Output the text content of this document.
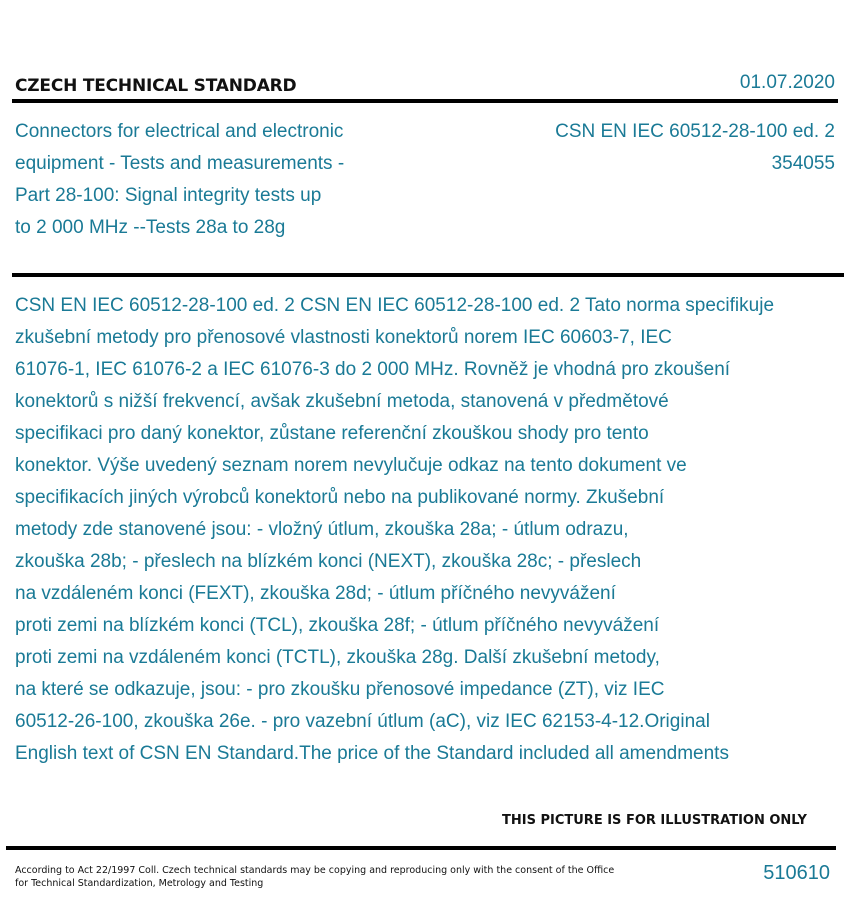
CZECH TECHNICAL STANDARD	01.07.2020
Connectors for electrical and electronic
equipment - Tests and measurements -
Part 28-100: Signal integrity tests up
to 2 000 MHz --Tests 28a to 28g
CSN EN IEC 60512-28-100 ed. 2
354055
CSN EN IEC 60512-28-100 ed. 2 CSN EN IEC 60512-28-100 ed. 2 Tato norma specifikuje
zkušební metody pro přenosové vlastnosti konektorů norem IEC 60603-7, IEC
61076-1, IEC 61076-2 a IEC 61076-3 do 2 000 MHz. Rovněž je vhodná pro zkoušení
konektorů s nižší frekvencí, avšak zkušební metoda, stanovená v předmětové
specifikaci pro daný konektor, zůstane referenční zkouškou shody pro tento
konektor. Výše uvedený seznam norem nevylučuje odkaz na tento dokument ve
specifikacích jiných výrobců konektorů nebo na publikované normy. Zkušební
metody zde stanovené jsou: - vložný útlum, zkouška 28a; - útlum odrazu,
zkouška 28b; - přeslech na blízkém konci (NEXT), zkouška 28c; - přeslech
na vzdáleném konci (FEXT), zkouška 28d; - útlum příčného nevyvážení
proti zemi na blízkém konci (TCL), zkouška 28f; - útlum příčného nevyvážení
proti zemi na vzdáleném konci (TCTL), zkouška 28g. Další zkušební metody,
na které se odkazuje, jsou: - pro zkoušku přenosové impedance (ZT), viz IEC
60512-26-100, zkouška 26e. - pro vazební útlum (aC), viz IEC 62153-4-12.Original
English text of CSN EN Standard.The price of the Standard included all amendments
THIS PICTURE IS FOR ILLUSTRATION ONLY
According to Act 22/1997 Coll. Czech technical standards may be copying and reproducing only with the consent of the Office
for Technical Standardization, Metrology and Testing	510610
